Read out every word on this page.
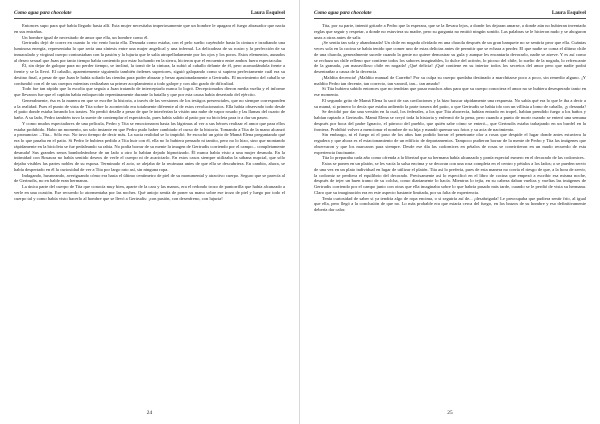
Como agua para chocolate	Laura Esquivel

Entonces supo para qué había llegado hasta allí. Esta mujer necesitaba imperiosamente que un hombre le apagara el fuego abrasador que nacía en sus entrañas.

Un hombre igual de necesitado de amor que ella, un hombre como él.

Gertrudis dejó de correr en cuanto lo vio venir hacia ella. Desnuda como estaba, con el pelo suelto cayéndole hasta la cintura e irradiando una luminosa energía, representaba lo que sería una síntesis entre una mujer angelical y una infernal. La delicadeza de su rostro y la perfección de su inmaculado y virginal cuerpo contrastaban con la pasión y la lujuria que le salía atropelladamente por los ojos y los poros. Estos elementos, aunados al deseo sexual que Juan por tanto tiempo había contenido por estar luchando en la sierra, hicieron que el encuentro entre ambos fuera espectacular.

Él, sin dejar de galopar para no perder tiempo, se inclinó, la tomó de la cintura, la subió al caballo delante de él, pero acomodándola frente a frente y se la llevó. El caballo, aparentemente siguiendo también órdenes superiores, siguió galopando como si supiera perfectamente cuál era su destino final, a pesar de que Juan le había soltado las riendas para poder abrazar y besar apasionadamente a Gertrudis. El movimiento del caballo se confundió con el de sus cuerpos mientras realizaban su primer acoplamiento a todo galope y con alto grado de dificultad.

Todo fue tan rápido que la escolta que seguía a Juan tratando de interceptarlo nunca lo logró. Decepcionados dieron media vuelta y el informe que llevaron fue que el capitán había enloquecido repentinamente durante la batalla y que por esta causa había desertado del ejército.

Generalmente, ésa es la manera en que se escribe la historia, a través de las versiones de los testigos presenciales, que no siempre corresponden a la realidad. Pues el punto de vista de Tita sobre lo acontecido era totalmente diferente al de estos revolucionarios. Ella había observado todo desde el patio donde estaba lavando los trastes. No perdió detalle a pesar de que le interferían la visión una nube de vapor rosado y las llamas del cuarto de baño. A su lado, Pedro también tuvo la suerte de contemplar el espectáculo, pues había salido al patio por su bicicleta para ir a dar un paseo.

Y como mudos espectadores de una película, Pedro y Tita se emocionaron hasta las lágrimas al ver a sus héroes realizar el amor que para ellos estaba prohibido. Hubo un momento, un solo instante en que Pedro pudo haber cambiado el curso de la historia. Tomando a Tita de la mano alcanzó a pronunciar: –Tita... Sólo eso. No tuvo tiempo de decir más. La sucia realidad se lo impidió. Se escuchó un grito de Mamá Elena preguntando qué era lo que pasaba en el patio. Si Pedro le hubiera pedido a Tita huir con él, ella no lo hubiera pensado ni tantito, pero no lo hizo, sino que montando rápidamente en la bicicleta se fue pedaleando su rabia. No podía borrar de su mente la imagen de Gertrudis corriendo por el campo... completamente desnuda! Sus grandes senos bamboleándose de un lado a otro lo habían dejado hipnotizado. Él nunca había visto a una mujer desnuda. En la intimidad con Rosaura no había sentido deseos de verle el cuerpo ni de acariciarlo. En estos casos siempre utilizaba la sábana nupcial, que sólo dejaba visibles las partes nobles de su esposa. Terminado el acto, se alejaba de la recámara antes de que ella se descubriera. En cambio, ahora, se había despertado en él la curiosidad de ver a Tita por largo rato así, sin ninguna ropa.

Indagando, husmeando, averiguando cómo era hasta el último centímetro de piel de su monumental y atractivo cuerpo. Seguro que se parecía al de Gertrudis, no en balde eran hermanas.

La única parte del cuerpo de Tita que conocía muy bien, aparte de la cara y las manos, era el redondo trozo de pantorrilla que había alcanzado a verle en una ocasión. Ese recuerdo lo atormentaba por las noches. Qué antojo sentía de poner su mano sobre ese trozo de piel y luego por todo el cuerpo tal y como había visto hacerlo al hombre que se llevó a Gertrudis: ¡con pasión, con desenfreno, con lujuria!

24
Como agua para chocolate	Laura Esquivel

Tita, por su parte, intentó gritarle a Pedro que la esperara, que se la llevara lejos, a donde los dejaran amarse, a donde aún no hubieran inventado reglas que seguir y respetar, a donde no estuviera su madre, pero su garganta no emitió ningún sonido. Las palabras se le hicieron nudo y se ahogaron unas a otras antes de salir.

¡Se sentía tan sola y abandonada! Un chile en nogada olvidado en una charola después de un gran banquete no se sentiría peor que ella. Cuántas veces sola en la cocina se había tenido que comer uno de estas delicias antes de permitir que se echara a perder. El que nadie se coma el último chile de una charola, generalmente sucede cuando la gente no quiere demostrar su gula y aunque les encantaría devorarlo, nadie se atreve. Y es así como se rechaza un chile relleno que contiene todos los sabores imaginables, lo dulce del acitrón, lo picoso del chile, lo suelto de la nogada, lo refrescante de la granada, ¡un maravilloso chile en nogada! ¡Qué delicia! ¡Qué contiene en su interior todos los secretos del amor pero que nadie podrá desentrañar a causa de la decencia.

¡Maldita decencia! ¡Maldito manual de Carreño! Por su culpa su cuerpo quedaba destinado a marchitarse poco a poco, sin remedio alguno. ¡Y maldito Pedro tan decente, tan correcto, tan varonil, tan... tan amado!

Si Tita hubiera sabido entonces que no tendrían que pasar muchos años para que su cuerpo conociera el amor no se hubiera desesperado tanto en ese momento.

El segundo grito de Mamá Elena la sacó de sus cavilaciones y la hizo buscar rápidamente una respuesta. No sabía qué era lo que le iba a decir a su mamá, si primero lo decía que estaba ardiendo la parte trasera del patio, o que Gertrudis se había ido con un villista a lomo de caballo, ¡y desnuda!

Se decidió por dar una versión en la cual, los federales, a los que Tita aborrecía, habían entrado en tropel, habían prendido fuego a los baños y habían raptado a Gertrudis. Mamá Elena se creyó toda la historia y enfermó de la pena, pero cuando a punto de morir cuando se enteró una semana después por boca del padre Ignacio, el párroco del pueblo, que quién sabe cómo se enteró–, que Gertrudis estaba trabajando en un burdel en la frontera. Prohibió volver a mencionar el nombre de su hija y mandó quemar sus fotos y su acta de nacimiento.

Sin embargo, ni el fuego ni el paso de los años han podido borrar el penetrante olor a rosas que despide el lugar donde antes estuviera la regadera y que ahora es el estacionamiento de un edificio de departamentos. Tampoco pudieron borrar de la mente de Pedro y Tita las imágenes que observaron y que los marcaron para siempre. Desde ese día las codornices en pétalos de rosas se convirtieron en un mudo recuerdo de esta experiencia fascinante.

Tita lo preparaba cada año como ofrenda a la libertad que su hermana había alcanzado y ponía especial esmero en el decorado de las codornices.

Estas se ponen en un platón, se les vacía la salsa encima y se decoran con una rosa completa en el centro y pétalos a los lados; o se pueden servir de una vez en un plato individual en lugar de utilizar el platón. Tita así lo prefería, pues de esta manera no corría el riesgo de que, a la hora de servir, la codorniz se perdiera el equilibrio del decorado. Precisamente así lo especificó en el libro de cocina que empezó a escribir esa misma noche, después de tejer un buen tramo de su colcha, como diariamente lo hacía. Mientras lo tejía, en su cabeza daban vueltas y vueltas las imágenes de Gertrudis corriendo por el campo junto con otras que ella imaginaba sobre lo que habría pasado más tarde, cuando se le perdió de vista su hermana. Claro que su imaginación era en este aspecto bastante limitada, por su falta de experiencia.

Tenía curiosidad de saber si ya tendría algo de ropa encima, o si seguiría así de... ¡desabrigada! Le preocupaba que pudiera sentir frío, al igual que ella, pero llegó a la conclusión de que no. Lo más probable era que estaría cerca del fuego, en los brazos de su hombre y eso definitivamente debería dar calor.

25
